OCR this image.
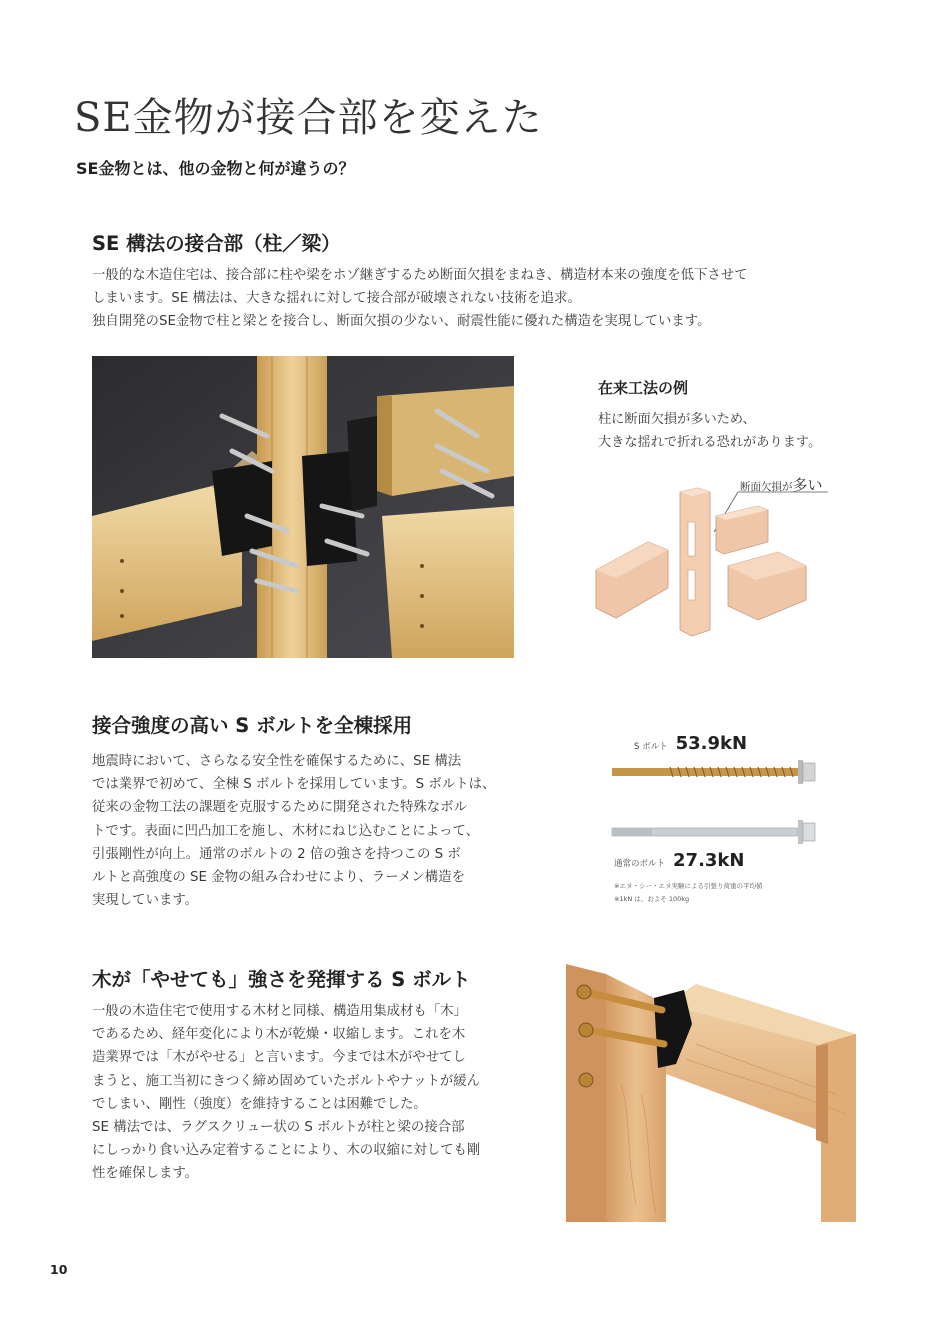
SE金物が接合部を変えた
SE金物とは、他の金物と何が違うの？
SE 構法の接合部（柱／梁）

一般的な木造住宅は、接合部に柱や梁をホゾ継ぎするため断面欠損をまねき、構造材本来の強度を低下させて

しまいます。SE 構法は、大きな揺れに対して接合部が破壊されない技術を追求。

独自開発のSE金物で柱と梁とを接合し、断面欠損の少ない、耐震性能に優れた構造を実現しています。

在来工法の例

柱に断面欠損が多いため、

大きな揺れで折れる恐れがあります。

断面欠損が多い
接合強度の高い S ボルトを全棟採用

地震時において、さらなる安全性を確保するために、SE 構法

では業界で初めて、全棟 S ボルトを採用しています。S ボルトは、

従来の金物工法の課題を克服するために開発された特殊なボル

トです。表面に凹凸加工を施し、木材にねじ込むことによって、

引張剛性が向上。通常のボルトの 2 倍の強さを持つこの S ボ

ルトと高強度の SE 金物の組み合わせにより、ラーメン構造を

実現しています。

S ボルト 53.9kN
通常のボルト 27.3kN
※エヌ・シー・エヌ実験による引張り荷重の平均値
※1kN は、およそ 100kg
木が「やせても」強さを発揮する S ボルト

一般の木造住宅で使用する木材と同様、構造用集成材も「木」

であるため、経年変化により木が乾燥・収縮します。これを木

造業界では「木がやせる」と言います。今までは木がやせてし

まうと、施工当初にきつく締め固めていたボルトやナットが緩ん

でしまい、剛性（強度）を維持することは困難でした。

SE 構法では、ラグスクリュー状の S ボルトが柱と梁の接合部

にしっかり食い込み定着することにより、木の収縮に対しても剛

性を確保します。

10
